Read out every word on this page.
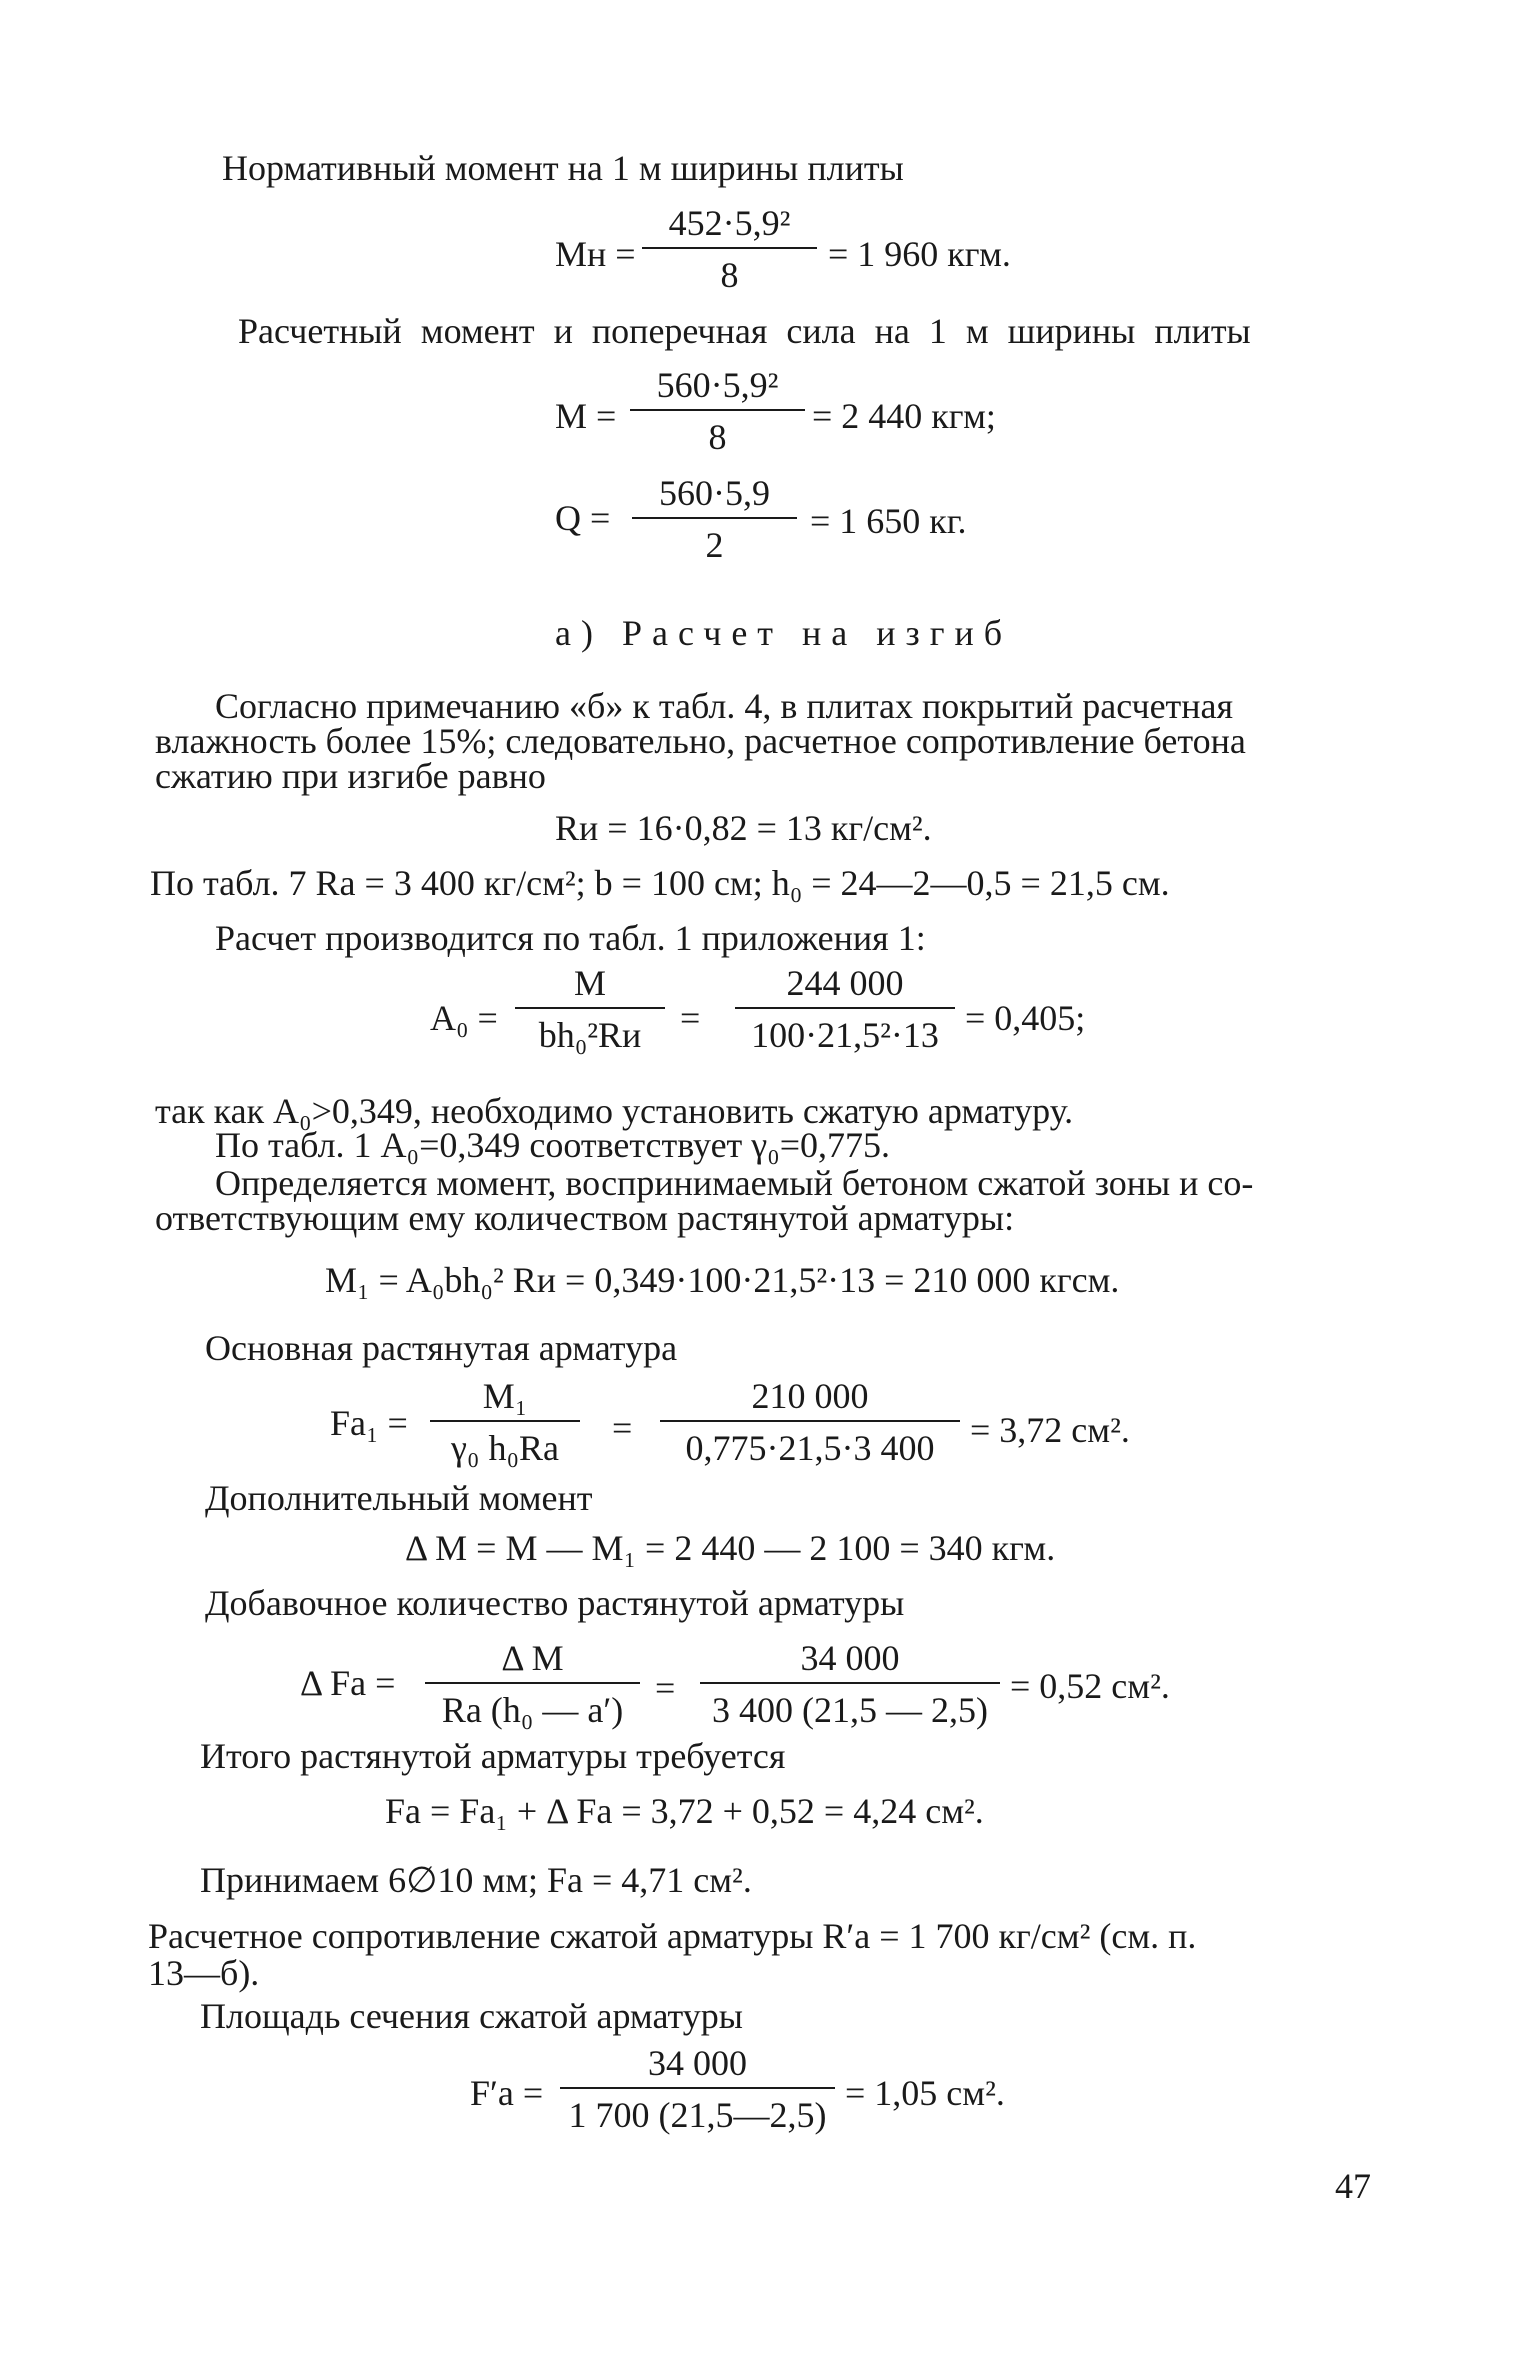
Нормативный момент на 1 м ширины плиты
Мн = $\frac{\text{452·5,9²}}{8} = 1$ 960 кгм.
Расчетный момент и поперечная сила на 1 м ширины плиты
$М = \frac{\text{560·5,9²}}{8} = 2$ 440 кгм;
$Q = \frac{560\cdot 5,9}{2} = 1$ 650 кг.
а) Расчет на изгиб
Согласно примечанию «б» к табл. 4, в плитах покрытий расчетная
влажность более 15%; следовательно, расчетное сопротивление бетона
сжатию при изгибе равно
Rи = 16·0,82 = 13 кг/см².
По табл. 7 Rа = 3 400 кг/см²; b = 100 см; h₀ = 24—2—0,5 = 21,5 см.
Расчет производится по табл. 1 приложения 1:
A₀ =
M
bh₀²Rи	= $\frac{244 000}{\text{100·21,5²·13}} = 0,405$;
так как A₀>0,349, необходимо установить сжатую арматуру.
По табл. 1 A₀=0,349 соответствует γ₀=0,775.
Определяется момент, воспринимаемый бетоном сжатой зоны и со-
ответствующим ему количеством растянутой арматуры:
M₁ = A₀bh₀² Rи = 0,349·100·21,5²·13 = 210 000 кгсм.
Основная растянутая арматура
Fа₁ =
M₁
γ₀ h₀Rа	= $\frac{210 000}{0,775\cdot 21,5\cdot 3 400} = 3,72$ см².
Дополнительный момент
Δ M = M — M₁ = 2 440 — 2 100 = 340 кгм.
Добавочное количество растянутой арматуры
Δ Fа =
Δ M
Rа (h₀ — a′)
= $\frac{34 000}{3 400 (21,5 — 2,5)} = 0,52$ см².
Итого растянутой арматуры требуется
Fа = Fа₁ + Δ Fа = 3,72 + 0,52 = 4,24 см².
Принимаем 6∅10 мм; Fа = 4,71 см².
Расчетное сопротивление сжатой арматуры R′а = 1 700 кг/см² (см. п.
13—б).
Площадь сечения сжатой арматуры
$F'а = \frac{34 000}{1 700 (21,5—2,5)} = 1,05$ см².
47
